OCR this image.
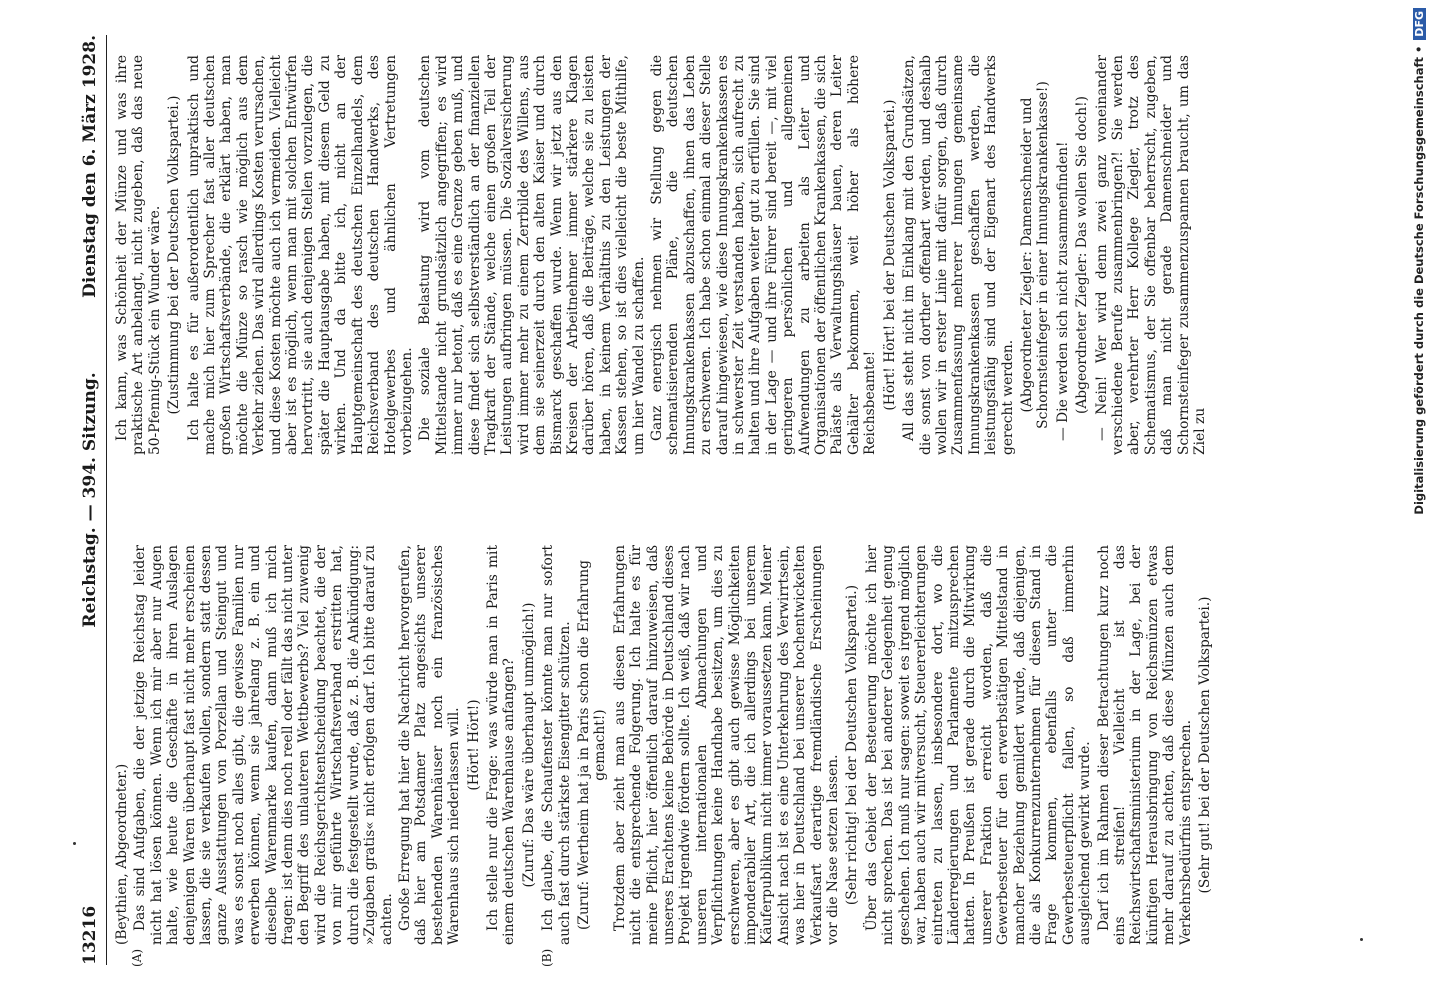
13216
Reichstag. — 394. Sitzung.
Dienstag den 6. März 1928.
(A)	(B)

(Beythien, Abgeordneter.) Das sind Aufgaben, die der jetzige Reichstag leider nicht hat lösen können. Wenn ich mir aber nur Augen halte, wie heute die Geschäfte in ihren Auslagen denjenigen Waren überhaupt fast nicht mehr erscheinen lassen, die sie verkaufen wollen, sondern statt dessen ganze Ausstattungen von Porzellan und Steingut und was es sonst noch alles gibt, die gewisse Familien nur erwerben können, wenn sie jahrelang z. B. ein und dieselbe Warenmarke kaufen, dann muß ich mich fragen: ist denn dies noch reell oder fällt das nicht unter den Begriff des unlauteren Wettbewerbs? Viel zuwenig wird die Reichsgerichtsentscheidung beachtet, die der von mir geführte Wirtschaftsverband erstritten hat, durch die festgestellt wurde, daß z. B. die Ankündigung: »Zugaben gratis« nicht erfolgen darf. Ich bitte darauf zu achten. Große Erregung hat hier die Nachricht hervorgerufen, daß hier am Potsdamer Platz angesichts unserer bestehenden Warenhäuser noch ein französisches Warenhaus sich niederlassen will. (Hört! Hört!) Ich stelle nur die Frage: was würde man in Paris mit einem deutschen Warenhause anfangen? (Zuruf: Das wäre überhaupt unmöglich!) Ich glaube, die Schaufenster könnte man nur sofort auch fast durch stärkste Eisengitter schützen. (Zuruf: Wertheim hat ja in Paris schon die Erfahrung gemacht!) Trotzdem aber zieht man aus diesen Erfahrungen nicht die entsprechende Folgerung. Ich halte es für meine Pflicht, hier öffentlich darauf hinzuweisen, daß unseres Erachtens keine Behörde in Deutschland dieses Projekt irgendwie fördern sollte. Ich weiß, daß wir nach unseren internationalen Abmachungen und Verpflichtungen keine Handhabe besitzen, um dies zu erschweren, aber es gibt auch gewisse Möglichkeiten imponderabiler Art, die ich allerdings bei unserem Käuferpublikum nicht immer voraussetzen kann. Meiner Ansicht nach ist es eine Unterkehrung des Verwirrtsein, was hier in Deutschland bei unserer hochentwickelten Verkaufsart derartige fremdländische Erscheinungen vor die Nase setzen lassen. (Sehr richtig! bei der Deutschen Volkspartei.) Über das Gebiet der Besteuerung möchte ich hier nicht sprechen. Das ist bei anderer Gelegenheit genug geschehen. Ich muß nur sagen: soweit es irgend möglich war, haben auch wir mitversucht, Steuererleichterungen eintreten zu lassen, insbesondere dort, wo die Länderregierungen und Parlamente mitzusprechen hatten. In Preußen ist gerade durch die Mitwirkung unserer Fraktion erreicht worden, daß die Gewerbesteuer für den erwerbstätigen Mittelstand in mancher Beziehung gemildert wurde, daß diejenigen, die als Konkurrenzunternehmen für diesen Stand in Frage kommen, ebenfalls unter die Gewerbesteuerpflicht fallen, so daß immerhin ausgleichend gewirkt wurde. Darf ich im Rahmen dieser Betrachtungen kurz noch eins streifen! Vielleicht ist das Reichswirtschaftsministerium in der Lage, bei der künftigen Herausbringung von Reichsmünzen etwas mehr darauf zu achten, daß diese Münzen auch dem Verkehrsbedürfnis entsprechen. (Sehr gut! bei der Deutschen Volkspartei.)

Ich kann, was Schönheit der Münze und was ihre praktische Art anbelangt, nicht zugeben, daß das neue 50-Pfennig-Stück ein Wunder wäre. (Zustimmung bei der Deutschen Volkspartei.) Ich halte es für außerordentlich unpraktisch und mache mich hier zum Sprecher fast aller deutschen großen Wirtschaftsverbände, die erklärt haben, man möchte die Münze so rasch wie möglich aus dem Verkehr ziehen. Das wird allerdings Kosten verursachen, und diese Kosten möchte auch ich vermeiden. Vielleicht aber ist es möglich, wenn man mit solchen Entwürfen hervortritt, sie auch denjenigen Stellen vorzulegen, die später die Hauptausgabe haben, mit diesem Geld zu wirken. Und da bitte ich, nicht an der Hauptgemeinschaft des deutschen Einzelhandels, dem Reichsverband des deutschen Handwerks, des Hotelgewerbes und ähnlichen Vertretungen vorbeizugehen. Die soziale Belastung wird vom deutschen Mittelstande nicht grundsätzlich angegriffen; es wird immer nur betont, daß es eine Grenze geben muß, und diese findet sich selbstverständlich an der finanziellen Tragkraft der Stände, welche einen großen Teil der Leistungen aufbringen müssen. Die Sozialversicherung wird immer mehr zu einem Zerrbilde des Willens, aus dem sie seinerzeit durch den alten Kaiser und durch Bismarck geschaffen wurde. Wenn wir jetzt aus den Kreisen der Arbeitnehmer immer stärkere Klagen darüber hören, daß die Beiträge, welche sie zu leisten haben, in keinem Verhältnis zu den Leistungen der Kassen stehen, so ist dies vielleicht die beste Mithilfe, um hier Wandel zu schaffen. Ganz energisch nehmen wir Stellung gegen die schematisierenden Pläne, die deutschen Innungskrankenkassen abzuschaffen, ihnen das Leben zu erschweren. Ich habe schon einmal an dieser Stelle darauf hingewiesen, wie diese Innungskrankenkassen es in schwerster Zeit verstanden haben, sich aufrecht zu halten und ihre Aufgaben weiter gut zu erfüllen. Sie sind in der Lage — und ihre Führer sind bereit —, mit viel geringeren persönlichen und allgemeinen Aufwendungen zu arbeiten als Leiter und Organisationen der öffentlichen Krankenkassen, die sich Paläste als Verwaltungshäuser bauen, deren Leiter Gehälter bekommen, weit höher als höhere Reichsbeamte! (Hört! Hört! bei der Deutschen Volkspartei.) All das steht nicht im Einklang mit den Grundsätzen, die sonst von dorther offenbart werden, und deshalb wollen wir in erster Linie mit dafür sorgen, daß durch Zusammenfassung mehrerer Innungen gemeinsame Innungskrankenkassen geschaffen werden, die leistungsfähig sind und der Eigenart des Handwerks gerecht werden. (Abgeordneter Ziegler: Damenschneider und Schornsteinfeger in einer Innungskrankenkasse!) — Die werden sich nicht zusammenfinden! (Abgeordneter Ziegler: Das wollen Sie doch!) — Nein! Wer wird denn zwei ganz voneinander verschiedene Berufe zusammenbringen?! Sie werden aber, verehrter Herr Kollege Ziegler, trotz des Schematismus, der Sie offenbar beherrscht, zugeben, daß man nicht gerade Damenschneider und Schornsteinfeger zusammenzuspannen braucht, um das Ziel zu	Digitalisierung gefördert durch die Deutsche Forschungsgemeinschaft •DFG
